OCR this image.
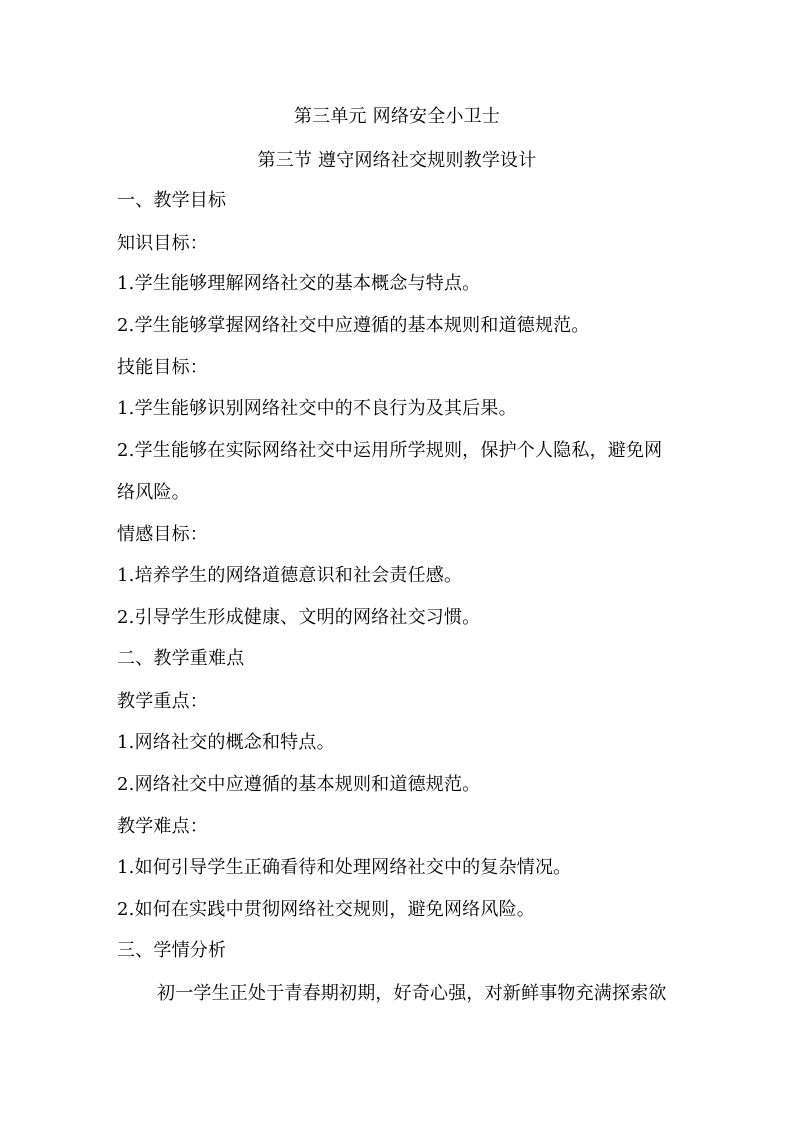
第三单元 网络安全小卫士
第三节 遵守网络社交规则教学设计
一、教学目标
知识目标：
1.学生能够理解网络社交的基本概念与特点。
2.学生能够掌握网络社交中应遵循的基本规则和道德规范。
技能目标：
1.学生能够识别网络社交中的不良行为及其后果。
2.学生能够在实际网络社交中运用所学规则，保护个人隐私，避免网
络风险。
情感目标：
1.培养学生的网络道德意识和社会责任感。
2.引导学生形成健康、文明的网络社交习惯。
二、教学重难点
教学重点：
1.网络社交的概念和特点。
2.网络社交中应遵循的基本规则和道德规范。
教学难点：
1.如何引导学生正确看待和处理网络社交中的复杂情况。
2.如何在实践中贯彻网络社交规则，避免网络风险。
三、学情分析
初一学生正处于青春期初期，好奇心强，对新鲜事物充满探索欲
